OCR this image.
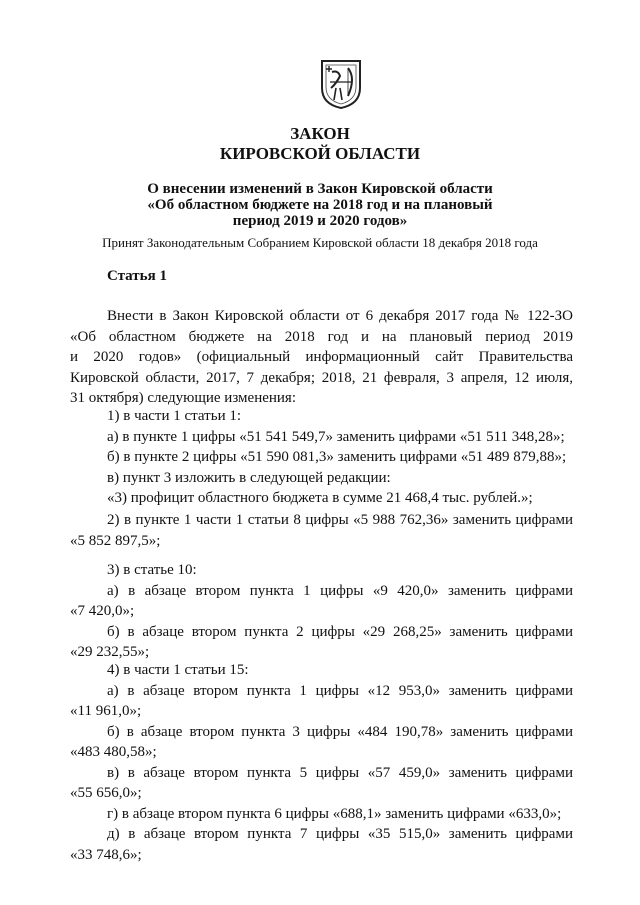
ЗАКОН
КИРОВСКОЙ ОБЛАСТИ
О внесении изменений в Закон Кировской области
«Об областном бюджете на 2018 год и на плановый
период 2019 и 2020 годов»
Принят Законодательным Собранием Кировской области 18 декабря 2018 года
Статья 1
Внести в Закон Кировской области от 6 декабря 2017 года № 122-ЗО
«Об областном бюджете на 2018 год и на плановый период 2019
и 2020 годов» (официальный информационный сайт Правительства
Кировской области, 2017, 7 декабря; 2018, 21 февраля, 3 апреля, 12 июля,
31 октября) следующие изменения:
1) в части 1 статьи 1:
а) в пункте 1 цифры «51 541 549,7» заменить цифрами «51 511 348,28»;
б) в пункте 2 цифры «51 590 081,3» заменить цифрами «51 489 879,88»;
в) пункт 3 изложить в следующей редакции:
«3) профицит областного бюджета в сумме 21 468,4 тыс. рублей.»;
2) в пункте 1 части 1 статьи 8 цифры «5 988 762,36» заменить цифрами
«5 852 897,5»;
3) в статье 10:
а) в абзаце втором пункта 1 цифры «9 420,0» заменить цифрами
«7 420,0»;
б) в абзаце втором пункта 2 цифры «29 268,25» заменить цифрами
«29 232,55»;
4) в части 1 статьи 15:
а) в абзаце втором пункта 1 цифры «12 953,0» заменить цифрами
«11 961,0»;
б) в абзаце втором пункта 3 цифры «484 190,78» заменить цифрами
«483 480,58»;
в) в абзаце втором пункта 5 цифры «57 459,0» заменить цифрами
«55 656,0»;
г) в абзаце втором пункта 6 цифры «688,1» заменить цифрами «633,0»;
д) в абзаце втором пункта 7 цифры «35 515,0» заменить цифрами
«33 748,6»;
